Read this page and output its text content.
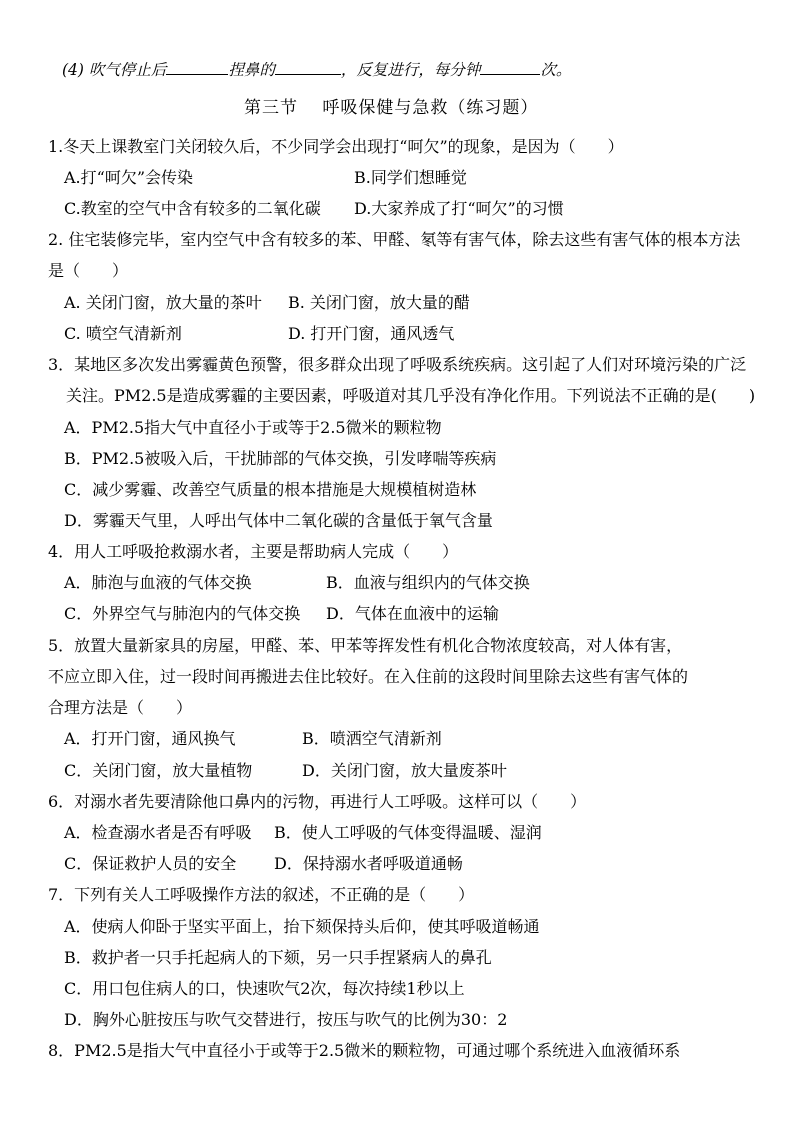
(4) 吹气停止后	捏鼻的	，反复进行，每分钟	次。
第三节　 呼吸保健与急救（练习题）
1.冬天上课教室门关闭较久后，不少同学会出现打“呵欠”的现象，是因为（　　）
A.打“呵欠”会传染	B.同学们想睡觉
C.教室的空气中含有较多的二氧化碳 D.大家养成了打“呵欠”的习惯
2. 住宅装修完毕，室内空气中含有较多的苯、甲醛、氡等有害气体，除去这些有害气体的根本方法
是（　　）
A. 关闭门窗，放大量的茶叶 B. 关闭门窗，放大量的醋
C. 喷空气清新剂	D. 打开门窗，通风透气
3．某地区多次发出雾霾黄色预警，很多群众出现了呼吸系统疾病。这引起了人们对环境污染的广泛
关注。PM2.5是造成雾霾的主要因素，呼吸道对其几乎没有净化作用。下列说法不正确的是(　　)
A．PM2.5指大气中直径小于或等于2.5微米的颗粒物
B．PM2.5被吸入后，干扰肺部的气体交换，引发哮喘等疾病
C．减少雾霾、改善空气质量的根本措施是大规模植树造林
D．雾霾天气里，人呼出气体中二氧化碳的含量低于氧气含量
4．用人工呼吸抢救溺水者，主要是帮助病人完成（　　）
A．肺泡与血液的气体交换	B．血液与组织内的气体交换
C．外界空气与肺泡内的气体交换 D．气体在血液中的运输
5．放置大量新家具的房屋，甲醛、苯、甲苯等挥发性有机化合物浓度较高，对人体有害，
不应立即入住，过一段时间再搬进去住比较好。在入住前的这段时间里除去这些有害气体的
合理方法是（　　）
A．打开门窗，通风换气	B．喷洒空气清新剂
C．关闭门窗，放大量植物	D．关闭门窗，放大量废茶叶
6．对溺水者先要清除他口鼻内的污物，再进行人工呼吸。这样可以（　　）
A．检查溺水者是否有呼吸 B．使人工呼吸的气体变得温暖、湿润
C．保证救护人员的安全 D．保持溺水者呼吸道通畅
7．下列有关人工呼吸操作方法的叙述，不正确的是（　　）
A．使病人仰卧于坚实平面上，抬下颏保持头后仰，使其呼吸道畅通
B．救护者一只手托起病人的下颏，另一只手捏紧病人的鼻孔
C．用口包住病人的口，快速吹气2次，每次持续1秒以上
D．胸外心脏按压与吹气交替进行，按压与吹气的比例为30：2
8．PM2.5是指大气中直径小于或等于2.5微米的颗粒物，可通过哪个系统进入血液循环系
